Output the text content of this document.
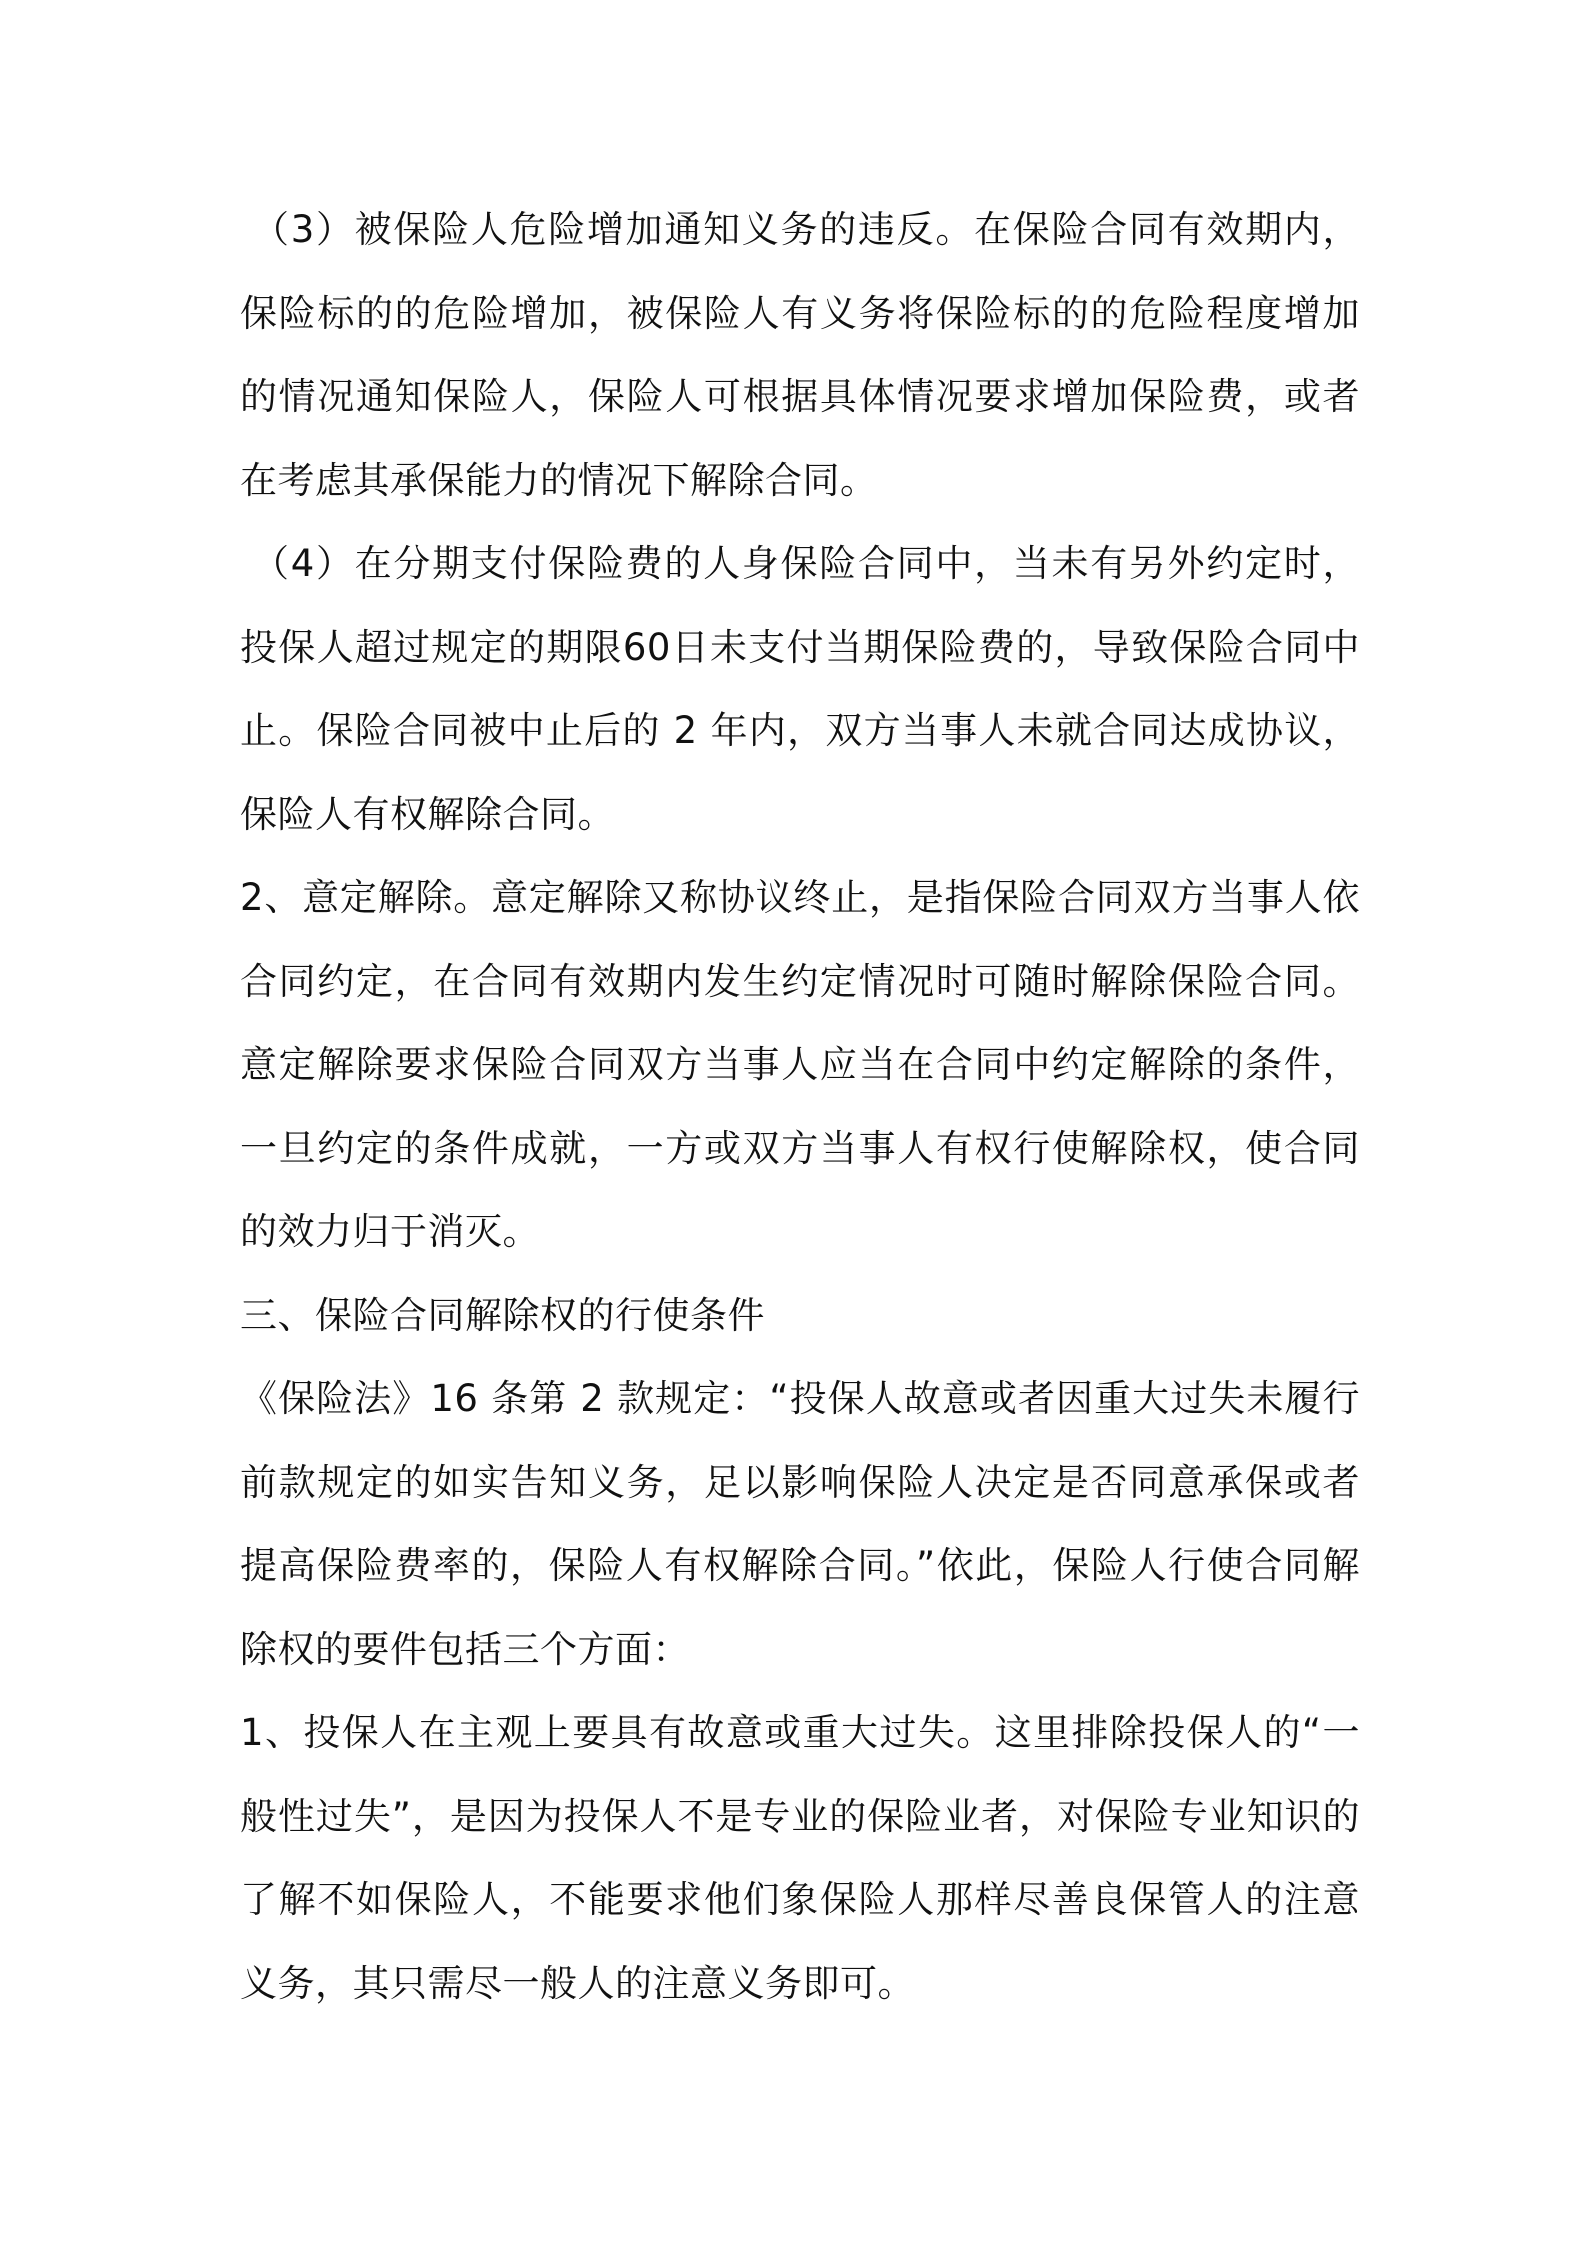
（3）被保险人危险增加通知义务的违反。在保险合同有效期内，保险标的的危险增加，被保险人有义务将保险标的的危险程度增加的情况通知保险人，保险人可根据具体情况要求增加保险费，或者在考虑其承保能力的情况下解除合同。

（4）在分期支付保险费的人身保险合同中，当未有另外约定时，投保人超过规定的期限60日未支付当期保险费的，导致保险合同中止。保险合同被中止后的 2 年内，双方当事人未就合同达成协议，保险人有权解除合同。

2、意定解除。意定解除又称协议终止，是指保险合同双方当事人依合同约定，在合同有效期内发生约定情况时可随时解除保险合同。意定解除要求保险合同双方当事人应当在合同中约定解除的条件，一旦约定的条件成就，一方或双方当事人有权行使解除权，使合同的效力归于消灭。

三、保险合同解除权的行使条件

《保险法》16 条第 2 款规定：“投保人故意或者因重大过失未履行前款规定的如实告知义务，足以影响保险人决定是否同意承保或者提高保险费率的，保险人有权解除合同。”依此，保险人行使合同解除权的要件包括三个方面：

1、投保人在主观上要具有故意或重大过失。这里排除投保人的“一般性过失”，是因为投保人不是专业的保险业者，对保险专业知识的了解不如保险人，不能要求他们象保险人那样尽善良保管人的注意义务，其只需尽一般人的注意义务即可。
